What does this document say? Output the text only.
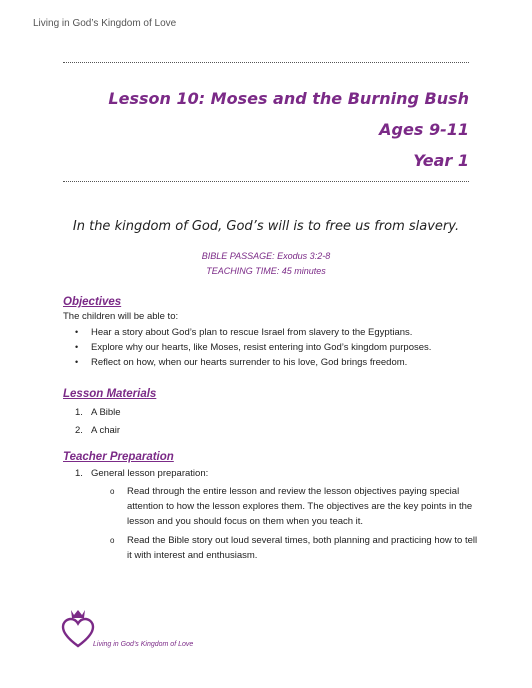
Living in God’s Kingdom of Love
Lesson 10: Moses and the Burning Bush
Ages 9-11
Year 1
In the kingdom of God, God’s will is to free us from slavery.
BIBLE PASSAGE: Exodus 3:2-8
TEACHING TIME: 45 minutes
Objectives
The children will be able to:
• Hear a story about God’s plan to rescue Israel from slavery to the Egyptians.
• Explore why our hearts, like Moses, resist entering into God’s kingdom purposes.
• Reflect on how, when our hearts surrender to his love, God brings freedom.
Lesson Materials
1. A Bible
2. A chair
Teacher Preparation
1. General lesson preparation:
o Read through the entire lesson and review the lesson objectives paying special attention to how the lesson explores them. The objectives are the key points in the lesson and you should focus on them when you teach it.
o Read the Bible story out loud several times, both planning and practicing how to tell it with interest and enthusiasm.
Living in God’s Kingdom of Love
